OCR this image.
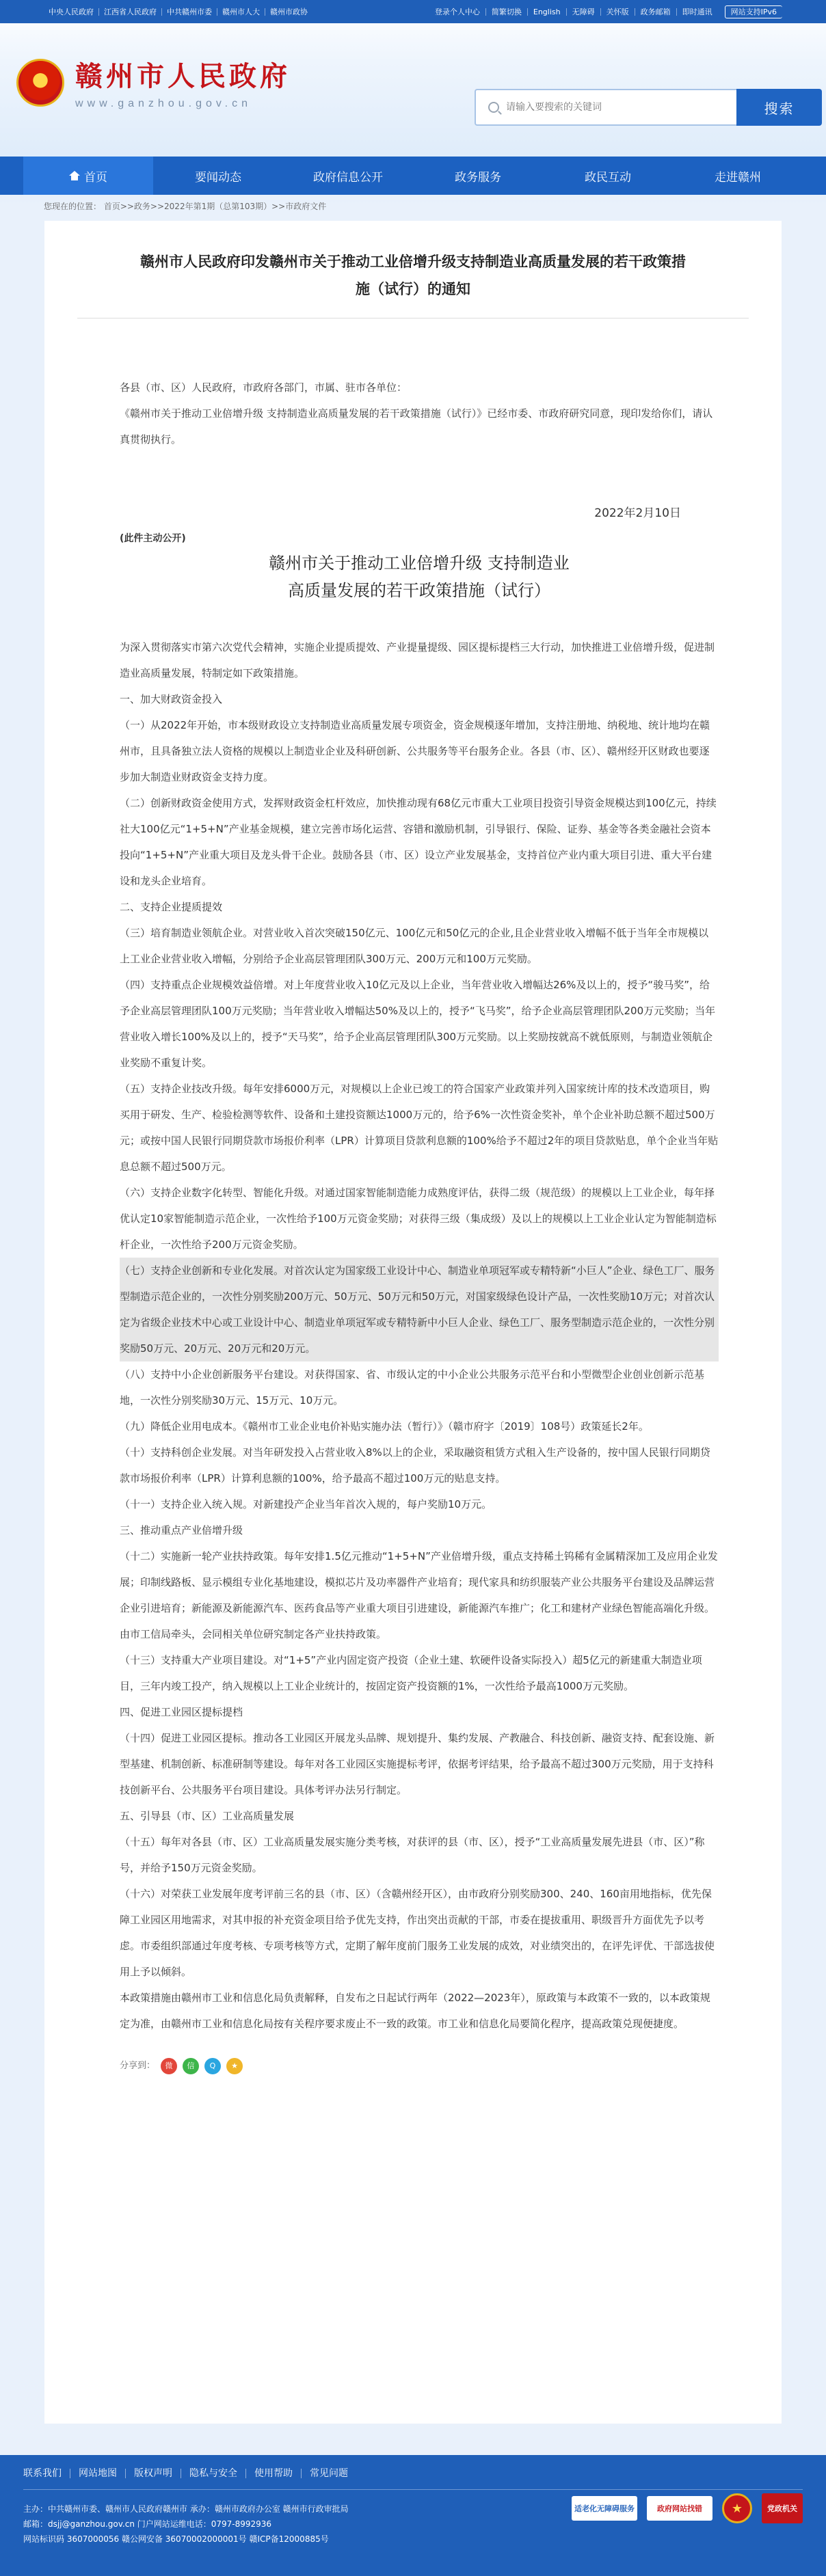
中央人民政府	江西省人民政府	中共赣州市委	赣州市人大	赣州市政协	登录个人中心	简繁切换	English	无障碍	关怀版	政务邮箱	即时通讯	网站支持IPv6
★
赣州市人民政府
www.ganzhou.gov.cn
请输入要搜索的关键词	搜索
首页	要闻动态	政府信息公开	政务服务	政民互动	走进赣州
您现在的位置： 首页>>政务>>2022年第1期（总第103期）>>市政府文件
赣州市人民政府印发赣州市关于推动工业倍增升级支持制造业高质量发展的若干政策措
施（试行）的通知

各县（市、区）人民政府，市政府各部门，市属、驻市各单位：

《赣州市关于推动工业倍增升级 支持制造业高质量发展的若干政策措施（试行）》已经市委、市政府研究同意，现印发给你们，请认真贯彻执行。

2022年2月10日
(此件主动公开)
赣州市关于推动工业倍增升级 支持制造业
高质量发展的若干政策措施（试行）

为深入贯彻落实市第六次党代会精神，实施企业提质提效、产业提量提级、园区提标提档三大行动，加快推进工业倍增升级，促进制造业高质量发展，特制定如下政策措施。

一、加大财政资金投入

（一）从2022年开始，市本级财政设立支持制造业高质量发展专项资金，资金规模逐年增加，支持注册地、纳税地、统计地均在赣州市，且具备独立法人资格的规模以上制造业企业及科研创新、公共服务等平台服务企业。各县（市、区）、赣州经开区财政也要逐步加大制造业财政资金支持力度。

（二）创新财政资金使用方式，发挥财政资金杠杆效应，加快推动现有68亿元市重大工业项目投资引导资金规模达到100亿元，持续社大100亿元“1+5+N”产业基金规模，建立完善市场化运营、容错和激励机制，引导银行、保险、证券、基金等各类金融社会资本投向“1+5+N”产业重大项目及龙头骨干企业。鼓励各县（市、区）设立产业发展基金，支持首位产业内重大项目引进、重大平台建设和龙头企业培育。

二、支持企业提质提效

（三）培育制造业领航企业。对营业收入首次突破150亿元、100亿元和50亿元的企业,且企业营业收入增幅不低于当年全市规模以上工业企业营业收入增幅，分别给予企业高层管理团队300万元、200万元和100万元奖励。

（四）支持重点企业规模效益倍增。对上年度营业收入10亿元及以上企业，当年营业收入增幅达26%及以上的，授予“骏马奖”，给予企业高层管理团队100万元奖励；当年营业收入增幅达50%及以上的，授予“飞马奖”，给予企业高层管理团队200万元奖励；当年营业收入增长100%及以上的，授予“天马奖”，给予企业高层管理团队300万元奖励。以上奖励按就高不就低原则，与制造业领航企业奖励不重复计奖。

（五）支持企业技改升级。每年安排6000万元，对规模以上企业已竣工的符合国家产业政策并列入国家统计库的技术改造项目，购买用于研发、生产、检验检测等软件、设备和土建投资额达1000万元的，给予6%一次性资金奖补，单个企业补助总额不超过500万元；或按中国人民银行同期贷款市场报价利率（LPR）计算项目贷款利息额的100%给予不超过2年的项目贷款贴息，单个企业当年贴息总额不超过500万元。

（六）支持企业数字化转型、智能化升级。对通过国家智能制造能力成熟度评估，获得二级（规范级）的规模以上工业企业，每年择优认定10家智能制造示范企业，一次性给予100万元资金奖励；对获得三级（集成级）及以上的规模以上工业企业认定为智能制造标杆企业，一次性给予200万元资金奖励。

（七）支持企业创新和专业化发展。对首次认定为国家级工业设计中心、制造业单项冠军或专精特新“小巨人”企业、绿色工厂、服务型制造示范企业的，一次性分别奖励200万元、50万元、50万元和50万元，对国家级绿色设计产品，一次性奖励10万元；对首次认定为省级企业技术中心或工业设计中心、制造业单项冠军或专精特新中小巨人企业、绿色工厂、服务型制造示范企业的，一次性分别奖励50万元、20万元、20万元和20万元。

（八）支持中小企业创新服务平台建设。对获得国家、省、市级认定的中小企业公共服务示范平台和小型微型企业创业创新示范基地，一次性分别奖励30万元、15万元、10万元。

（九）降低企业用电成本。《赣州市工业企业电价补贴实施办法（暂行）》（赣市府字〔2019〕108号）政策延长2年。

（十）支持科创企业发展。对当年研发投入占营业收入8%以上的企业，采取融资租赁方式租入生产设备的，按中国人民银行同期贷款市场报价利率（LPR）计算利息额的100%，给予最高不超过100万元的贴息支持。

（十一）支持企业入统入规。对新建投产企业当年首次入规的，每户奖励10万元。

三、推动重点产业倍增升级

（十二）实施新一轮产业扶持政策。每年安排1.5亿元推动“1+5+N”产业倍增升级，重点支持稀土钨稀有金属精深加工及应用企业发展；印制线路板、显示模组专业化基地建设，模拟芯片及功率器件产业培育；现代家具和纺织服装产业公共服务平台建设及品牌运营企业引进培育；新能源及新能源汽车、医药食品等产业重大项目引进建设，新能源汽车推广；化工和建材产业绿色智能高端化升级。由市工信局牵头，会同相关单位研究制定各产业扶持政策。

（十三）支持重大产业项目建设。对“1+5”产业内固定资产投资（企业土建、软硬件设备实际投入）超5亿元的新建重大制造业项目，三年内竣工投产，纳入规模以上工业企业统计的，按固定资产投资额的1%，一次性给予最高1000万元奖励。

四、促进工业园区提标提档

（十四）促进工业园区提标。推动各工业园区开展龙头品牌、规划提升、集约发展、产教融合、科技创新、融资支持、配套设施、新型基建、机制创新、标准研制等建设。每年对各工业园区实施提标考评，依据考评结果，给予最高不超过300万元奖励，用于支持科技创新平台、公共服务平台项目建设。具体考评办法另行制定。

五、引导县（市、区）工业高质量发展

（十五）每年对各县（市、区）工业高质量发展实施分类考核，对获评的县（市、区），授予“工业高质量发展先进县（市、区）”称号，并给予150万元资金奖励。

（十六）对荣获工业发展年度考评前三名的县（市、区）（含赣州经开区），由市政府分别奖励300、240、160亩用地指标，优先保障工业园区用地需求，对其申报的补充资金项目给予优先支持，作出突出贡献的干部，市委在提拔重用、职级晋升方面优先予以考虑。市委组织部通过年度考核、专项考核等方式，定期了解年度前门服务工业发展的成效，对业绩突出的，在评先评优、干部选拔使用上予以倾斜。

本政策措施由赣州市工业和信息化局负责解释，自发布之日起试行两年（2022—2023年），原政策与本政策不一致的，以本政策规定为准，由赣州市工业和信息化局按有关程序要求废止不一致的政策。市工业和信息化局要简化程序，提高政策兑现便捷度。

分享到：	微	信	Q	★
联系我们	网站地图	版权声明	隐私与安全	使用帮助	常见问题
主办：中共赣州市委、赣州市人民政府赣州市 承办：赣州市政府办公室 赣州市行政审批局
邮箱：dsjj@ganzhou.gov.cn 门户网站运维电话：0797-8992936
网站标识码 3607000056 赣公网安备 36070002000001号 赣ICP备12000885号
适老化无障碍服务	政府网站找错	★	党政机关
